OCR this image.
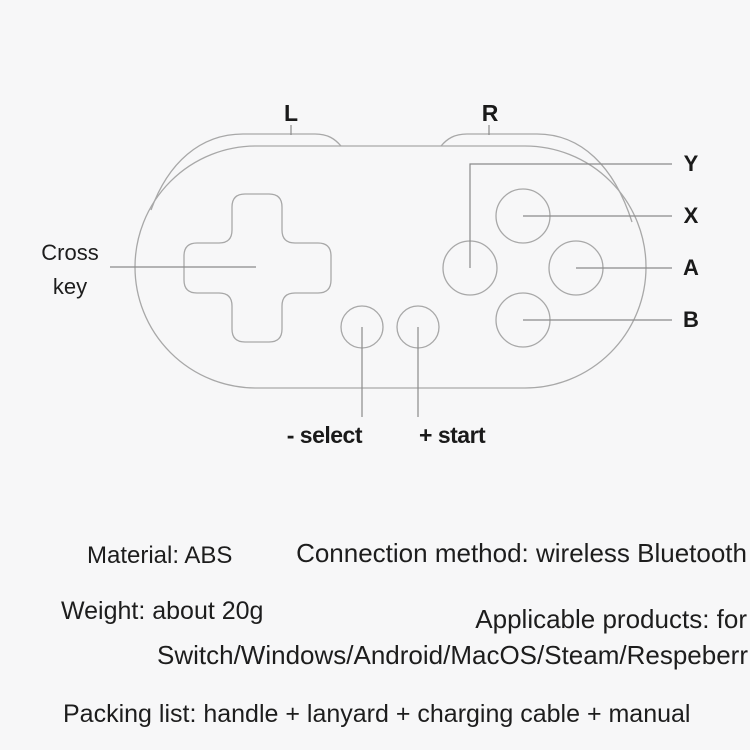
L	R
Y
X
A
B
Cross
key
- select + start
Material: ABS Connection method: wireless Bluetooth
Weight: about 20g	Applicable products: for
Switch/Windows/Android/MacOS/Steam/Respeberr
Packing list: handle + lanyard + charging cable + manual
